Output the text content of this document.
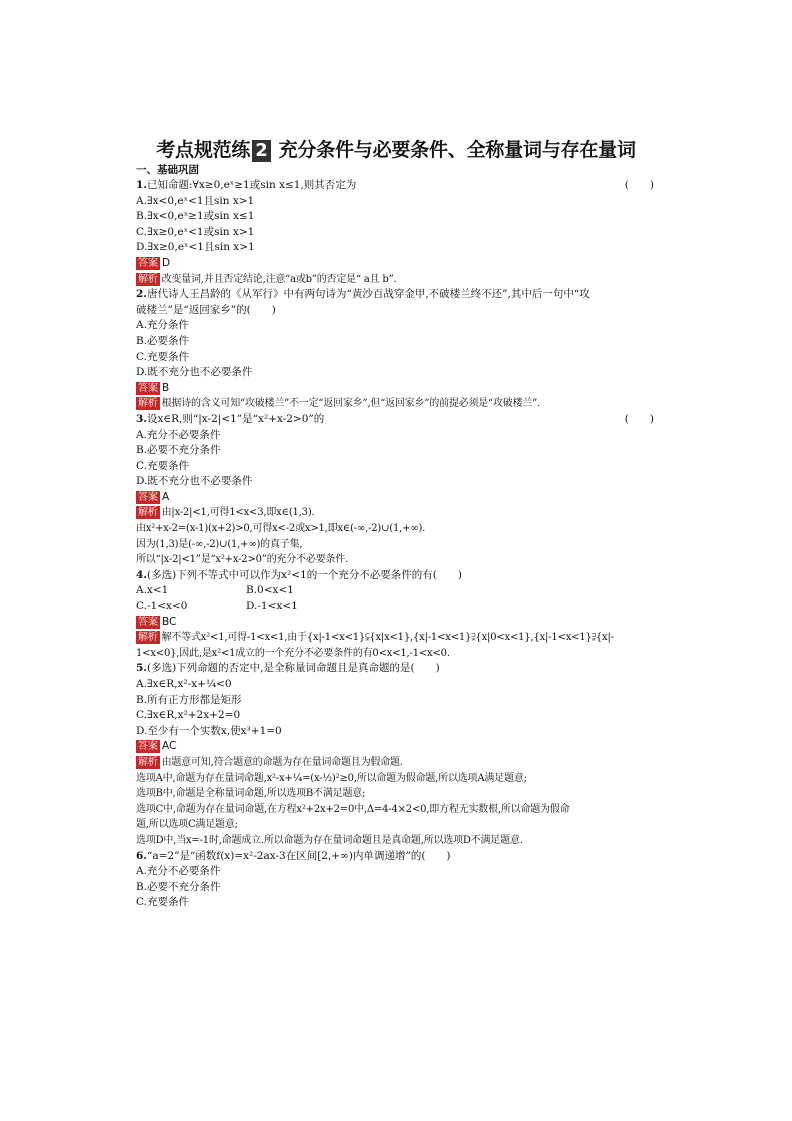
考点规范练 2 充分条件与必要条件、全称量词与存在量词
一、基础巩固
1.已知命题:∀x≥0,eˣ≥1或sin x≤1,则其否定为	(　　)
A.∃x<0,eˣ<1且sin x>1
B.∃x<0,eˣ≥1或sin x≤1
C.∃x≥0,eˣ<1或sin x>1
D.∃x≥0,eˣ<1且sin x>1
答案 D
解析 改变量词,并且否定结论,注意“a或b”的否定是“ a且 b”.
2.唐代诗人王昌龄的《从军行》中有两句诗为“黄沙百战穿金甲,不破楼兰终不还”,其中后一句中“攻
破楼兰”是“返回家乡”的(　　)
A.充分条件
B.必要条件
C.充要条件
D.既不充分也不必要条件
答案 B
解析 根据诗的含义可知“攻破楼兰”不一定“返回家乡”,但“返回家乡”的前提必须是“攻破楼兰”.
3.设x∈R,则“|x-2|<1”是“x²+x-2>0”的	(　　)
A.充分不必要条件
B.必要不充分条件
C.充要条件
D.既不充分也不必要条件
答案 A
解析 由|x-2|<1,可得1<x<3,即x∈(1,3).
由x²+x-2=(x-1)(x+2)>0,可得x<-2或x>1,即x∈(-∞,-2)∪(1,+∞).
因为(1,3)是(-∞,-2)∪(1,+∞)的真子集,
所以“|x-2|<1”是“x²+x-2>0”的充分不必要条件.
4.(多选)下列不等式中可以作为x²<1的一个充分不必要条件的有(　　)
A.x<1	B.0<x<1
C.-1<x<0	D.-1<x<1
答案 BC
解析 解不等式x²<1,可得-1<x<1,由于{x|-1<x<1}⫋{x|x<1},{x|-1<x<1}⫌{x|0<x<1},{x|-1<x<1}⫌{x|-
1<x<0},因此,是x²<1成立的一个充分不必要条件的有0<x<1,-1<x<0.
5.(多选)下列命题的否定中,是全称量词命题且是真命题的是(　　)
A.∃x∈R,x²-x+¼<0
B.所有正方形都是矩形
C.∃x∈R,x²+2x+2=0
D.至少有一个实数x,使x³+1=0
答案 AC
解析 由题意可知,符合题意的命题为存在量词命题且为假命题.
选项A中,命题为存在量词命题,x²-x+¼=(x-½)²≥0,所以命题为假命题,所以选项A满足题意;
选项B中,命题是全称量词命题,所以选项B不满足题意;
选项C中,命题为存在量词命题,在方程x²+2x+2=0中,Δ=4-4×2<0,即方程无实数根,所以命题为假命
题,所以选项C满足题意;
选项D中,当x=-1时,命题成立.所以命题为存在量词命题且是真命题,所以选项D不满足题意.
6.“a=2”是“函数f(x)=x²-2ax-3在区间[2,+∞)内单调递增”的(　　)
A.充分不必要条件
B.必要不充分条件
C.充要条件
